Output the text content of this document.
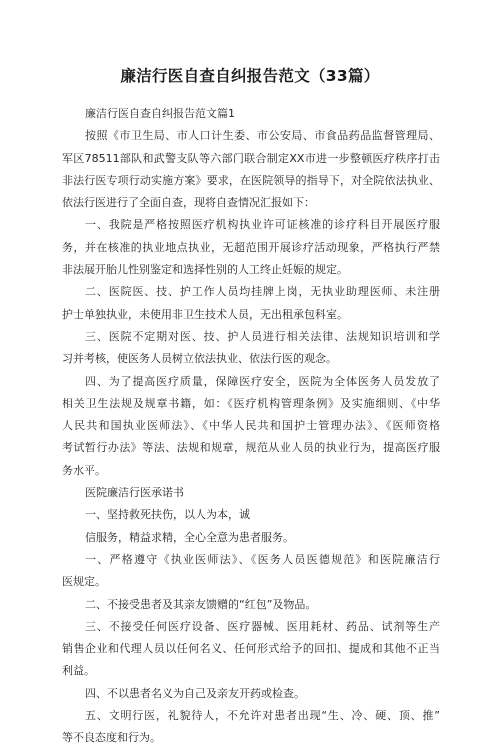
廉洁行医自查自纠报告范文（33篇）
廉洁行医自查自纠报告范文篇1
按照《市卫生局、市人口计生委、市公安局、市食品药品监督管理局、
军区78511部队和武警支队等六部门联合制定XX市进一步整顿医疗秩序打击
非法行医专项行动实施方案》要求，在医院领导的指导下，对全院依法执业、
依法行医进行了全面自查，现将自查情况汇报如下：
一、我院是严格按照医疗机构执业许可证核准的诊疗科目开展医疗服
务，并在核准的执业地点执业，无超范围开展诊疗活动现象，严格执行严禁
非法展开胎儿性别鉴定和选择性别的人工终止妊娠的规定。
二、医院医、技、护工作人员均挂牌上岗，无执业助理医师、未注册
护士单独执业，未使用非卫生技术人员，无出租承包科室。
三、医院不定期对医、技、护人员进行相关法律、法规知识培训和学
习并考核，使医务人员树立依法执业、依法行医的观念。
四、为了提高医疗质量，保障医疗安全，医院为全体医务人员发放了
相关卫生法规及规章书籍，如：《医疗机构管理条例》及实施细则、《中华
人民共和国执业医师法》、《中华人民共和国护士管理办法》、《医师资格
考试暂行办法》等法、法规和规章，规范从业人员的执业行为，提高医疗服
务水平。
医院廉洁行医承诺书
一、坚持救死扶伤，以人为本，诚
信服务，精益求精，全心全意为患者服务。
一、严格遵守《执业医师法》、《医务人员医德规范》和医院廉洁行
医规定。
二、不接受患者及其亲友馈赠的“红包”及物品。
三、不接受任何医疗设备、医疗器械、医用耗材、药品、试剂等生产
销售企业和代理人员以任何名义、任何形式给予的回扣、提成和其他不正当
利益。
四、不以患者名义为自己及亲友开药或检查。
五、文明行医，礼貌待人，不允许对患者出现“生、冷、硬、顶、推”
等不良态度和行为。
